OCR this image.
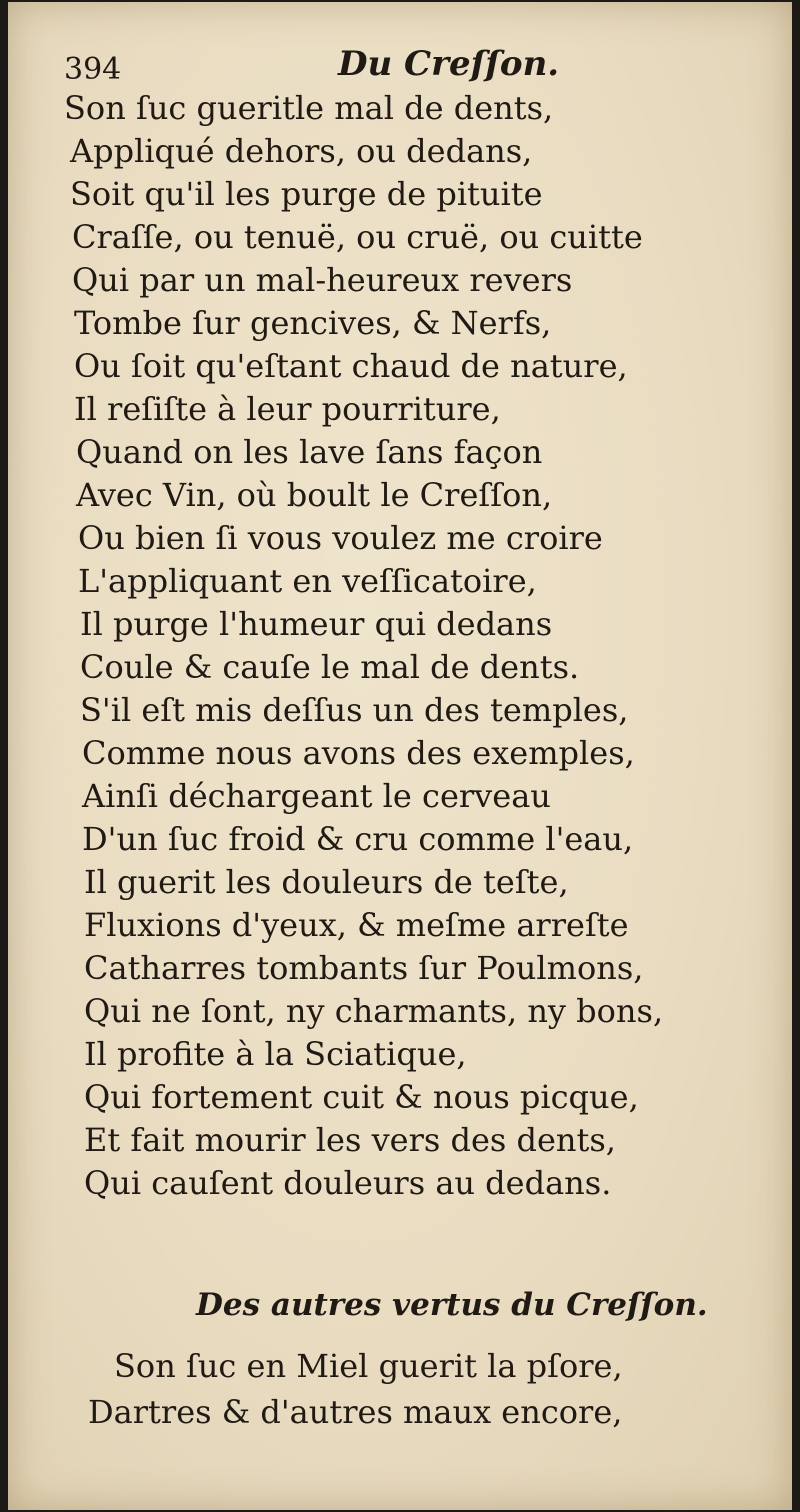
394	Du Creſſon.
Son ſuc gueritle mal de dents,
Appliqué dehors, ou dedans,
Soit qu'il les purge de pituite
Craſſe, ou tenuë, ou cruë, ou cuitte
Qui par un mal-heureux revers
Tombe ſur gencives, & Nerfs,
Ou ſoit qu'eſtant chaud de nature,
Il reſiſte à leur pourriture,
Quand on les lave ſans façon
Avec Vin, où boult le Creſſon,
Ou bien ſi vous voulez me croire
L'appliquant en veſſicatoire,
Il purge l'humeur qui dedans
Coule & cauſe le mal de dents.
S'il eſt mis deſſus un des temples,
Comme nous avons des exemples,
Ainſi déchargeant le cerveau
D'un ſuc froid & cru comme l'eau,
Il guerit les douleurs de teſte,
Fluxions d'yeux, & meſme arreſte
Catharres tombants ſur Poulmons,
Qui ne ſont, ny charmants, ny bons,
Il profite à la Sciatique,
Qui fortement cuit & nous picque,
Et fait mourir les vers des dents,
Qui cauſent douleurs au dedans.
Des autres vertus du Creſſon.
Son ſuc en Miel guerit la pſore,
Dartres & d'autres maux encore,
